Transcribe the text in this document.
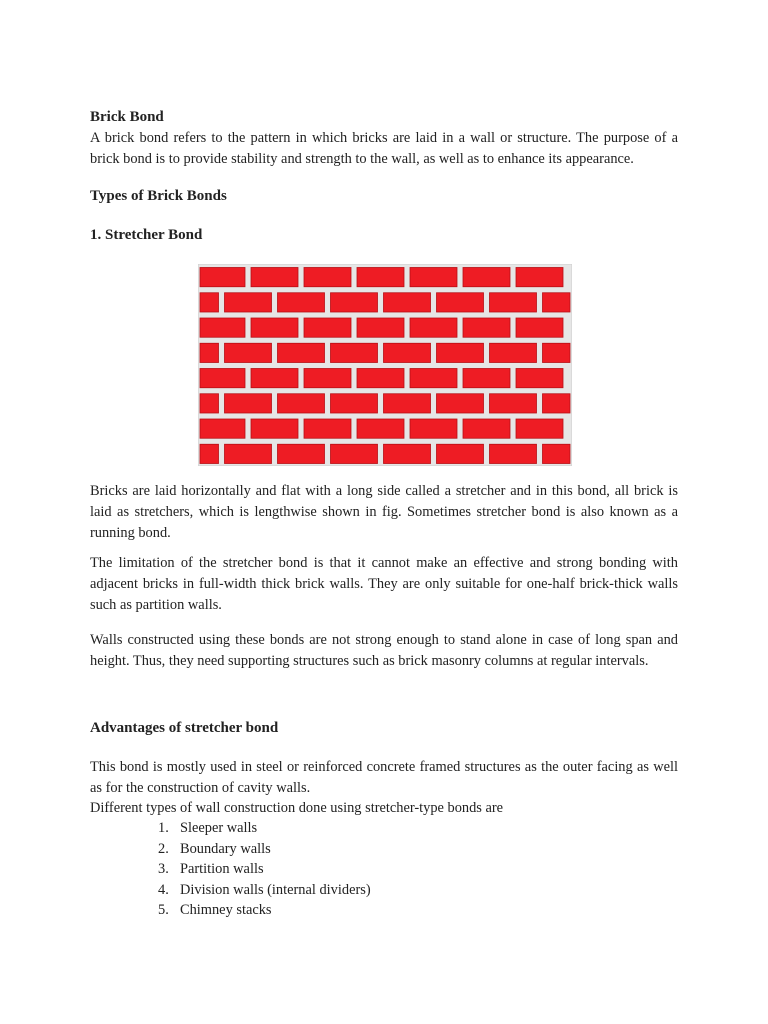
Brick Bond

A brick bond refers to the pattern in which bricks are laid in a wall or structure. The purpose of a brick bond is to provide stability and strength to the wall, as well as to enhance its appearance.

Types of Brick Bonds
1. Stretcher Bond

Bricks are laid horizontally and flat with a long side called a stretcher and in this bond, all brick is laid as stretchers, which is lengthwise shown in fig. Sometimes stretcher bond is also known as a running bond.

The limitation of the stretcher bond is that it cannot make an effective and strong bonding with adjacent bricks in full-width thick brick walls. They are only suitable for one-half brick-thick walls such as partition walls.

Walls constructed using these bonds are not strong enough to stand alone in case of long span and height. Thus, they need supporting structures such as brick masonry columns at regular intervals.

Advantages of stretcher bond

This bond is mostly used in steel or reinforced concrete framed structures as the outer facing as well as for the construction of cavity walls.

Different types of wall construction done using stretcher-type bonds are

1. Sleeper walls
2. Boundary walls
3. Partition walls
4. Division walls (internal dividers)
5. Chimney stacks
